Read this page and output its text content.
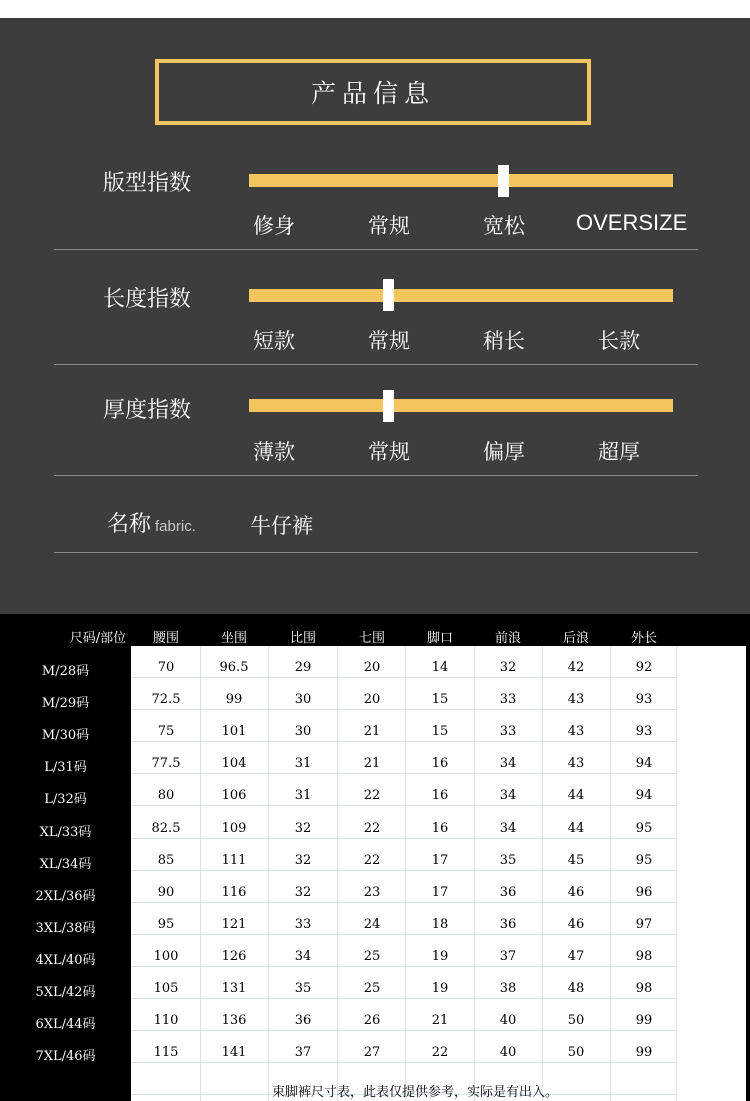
产品信息
版型指数
修身	常规	宽松 OVERSIZE
长度指数
短款	常规	稍长	长款
厚度指数
薄款	常规	偏厚	超厚
名称 fabric.	牛仔裤
尺码/部位	腰围	坐围	比围	七围	脚口	前浪	后浪	外长
M/28码	70	96.5	29	20	14	32	42	92
M/29码	72.5	99	30	20	15	33	43	93
M/30码	75	101	30	21	15	33	43	93
L/31码	77.5	104	31	21	16	34	43	94
L/32码	80	106	31	22	16	34	44	94
XL/33码	82.5	109	32	22	16	34	44	95
XL/34码	85	111	32	22	17	35	45	95
2XL/36码	90	116	32	23	17	36	46	96
3XL/38码	95	121	33	24	18	36	46	97
4XL/40码	100	126	34	25	19	37	47	98
5XL/42码	105	131	35	25	19	38	48	98
6XL/44码	110	136	36	26	21	40	50	99
7XL/46码	115	141	37	27	22	40	50	99
束脚裤尺寸表，此表仅提供参考，实际是有出入。
